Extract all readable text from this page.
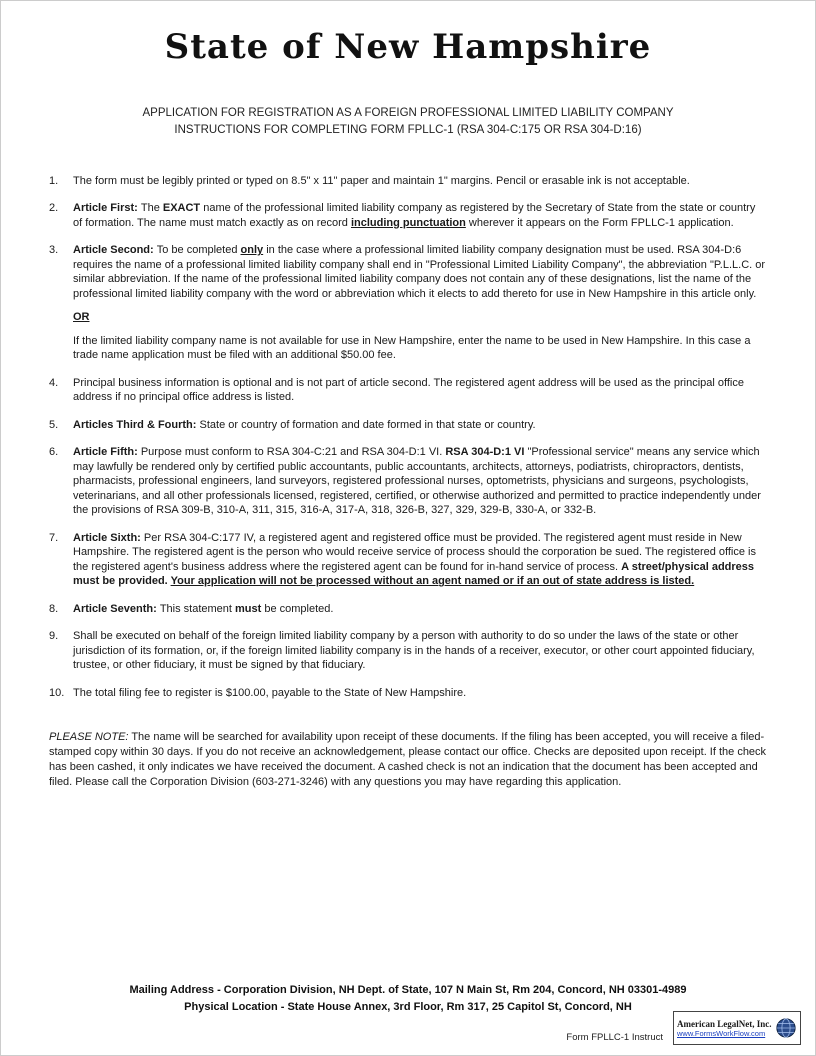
State of New Hampshire
APPLICATION FOR REGISTRATION AS A FOREIGN PROFESSIONAL LIMITED LIABILITY COMPANY
INSTRUCTIONS FOR COMPLETING FORM FPLLC-1 (RSA 304-C:175 OR RSA 304-D:16)
1.	The form must be legibly printed or typed on 8.5" x 11" paper and maintain 1" margins. Pencil or erasable ink is not acceptable.

2.	Article First: The EXACT name of the professional limited liability company as registered by the Secretary of State from the state or country of formation. The name must match exactly as on record including punctuation wherever it appears on the Form FPLLC-1 application.

3.	Article Second: To be completed only in the case where a professional limited liability company designation must be used. RSA 304-D:6 requires the name of a professional limited liability company shall end in "Professional Limited Liability Company", the abbreviation "P.L.L.C. or similar abbreviation. If the name of the professional limited liability company does not contain any of these designations, list the name of the professional limited liability company with the word or abbreviation which it elects to add thereto for use in New Hampshire in this article only.

OR

If the limited liability company name is not available for use in New Hampshire, enter the name to be used in New Hampshire. In this case a trade name application must be filed with an additional $50.00 fee.

4.	Principal business information is optional and is not part of article second. The registered agent address will be used as the principal office address if no principal office address is listed.

5.	Articles Third & Fourth: State or country of formation and date formed in that state or country.

6.	Article Fifth: Purpose must conform to RSA 304-C:21 and RSA 304-D:1 VI. RSA 304-D:1 VI "Professional service" means any service which may lawfully be rendered only by certified public accountants, public accountants, architects, attorneys, podiatrists, chiropractors, dentists, pharmacists, professional engineers, land surveyors, registered professional nurses, optometrists, physicians and surgeons, psychologists, veterinarians, and all other professionals licensed, registered, certified, or otherwise authorized and permitted to practice independently under the provisions of RSA 309-B, 310-A, 311, 315, 316-A, 317-A, 318, 326-B, 327, 329, 329-B, 330-A, or 332-B.

7.	Article Sixth: Per RSA 304-C:177 IV, a registered agent and registered office must be provided. The registered agent must reside in New Hampshire. The registered agent is the person who would receive service of process should the corporation be sued. The registered office is the registered agent's business address where the registered agent can be found for in-hand service of process. A street/physical address must be provided. Your application will not be processed without an agent named or if an out of state address is listed.

8.	Article Seventh: This statement must be completed.

9.	Shall be executed on behalf of the foreign limited liability company by a person with authority to do so under the laws of the state or other jurisdiction of its formation, or, if the foreign limited liability company is in the hands of a receiver, executor, or other court appointed fiduciary, trustee, or other fiduciary, it must be signed by that fiduciary.

10. The total filing fee to register is $100.00, payable to the State of New Hampshire.

PLEASE NOTE: The name will be searched for availability upon receipt of these documents. If the filing has been accepted, you will receive a filed-stamped copy within 30 days. If you do not receive an acknowledgement, please contact our office. Checks are deposited upon receipt. If the check has been cashed, it only indicates we have received the document. A cashed check is not an indication that the document has been accepted and filed. Please call the Corporation Division (603-271-3246) with any questions you may have regarding this application.

Mailing Address - Corporation Division, NH Dept. of State, 107 N Main St, Rm 204, Concord, NH 03301-4989
Physical Location - State House Annex, 3rd Floor, Rm 317, 25 Capitol St, Concord, NH
Form FPLLC-1 Instruct
American LegalNet, Inc.
www.FormsWorkFlow.com
